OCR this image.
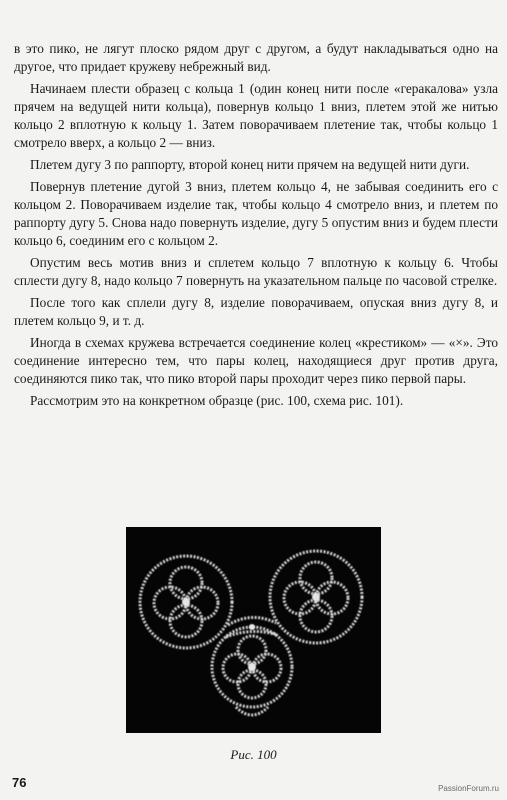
в это пико, не лягут плоско рядом друг с другом, а будут накладываться одно на другое, что придает кружеву небрежный вид.

Начинаем плести образец с кольца 1 (один конец нити после «геракалова» узла прячем на ведущей нити кольца), повернув кольцо 1 вниз, плетем этой же нитью кольцо 2 вплотную к кольцу 1. Затем поворачиваем плетение так, чтобы кольцо 1 смотрело вверх, а кольцо 2 — вниз.

Плетем дугу 3 по раппорту, второй конец нити прячем на ведущей нити дуги.

Повернув плетение дугой 3 вниз, плетем кольцо 4, не забывая соединить его с кольцом 2. Поворачиваем изделие так, чтобы кольцо 4 смотрело вниз, и плетем по раппорту дугу 5. Снова надо повернуть изделие, дугу 5 опустим вниз и будем плести кольцо 6, соединим его с кольцом 2.

Опустим весь мотив вниз и сплетем кольцо 7 вплотную к кольцу 6. Чтобы сплести дугу 8, надо кольцо 7 повернуть на указательном пальце по часовой стрелке.

После того как сплели дугу 8, изделие поворачиваем, опуская вниз дугу 8, и плетем кольцо 9, и т. д.

Иногда в схемах кружева встречается соединение колец «крестиком» — «×». Это соединение интересно тем, что пары колец, находящиеся друг против друга, соединяются пико так, что пико второй пары проходит через пико первой пары.

Рассмотрим это на конкретном образце (рис. 100, схема рис. 101).

Рис. 100
76	PassionForum.ru
